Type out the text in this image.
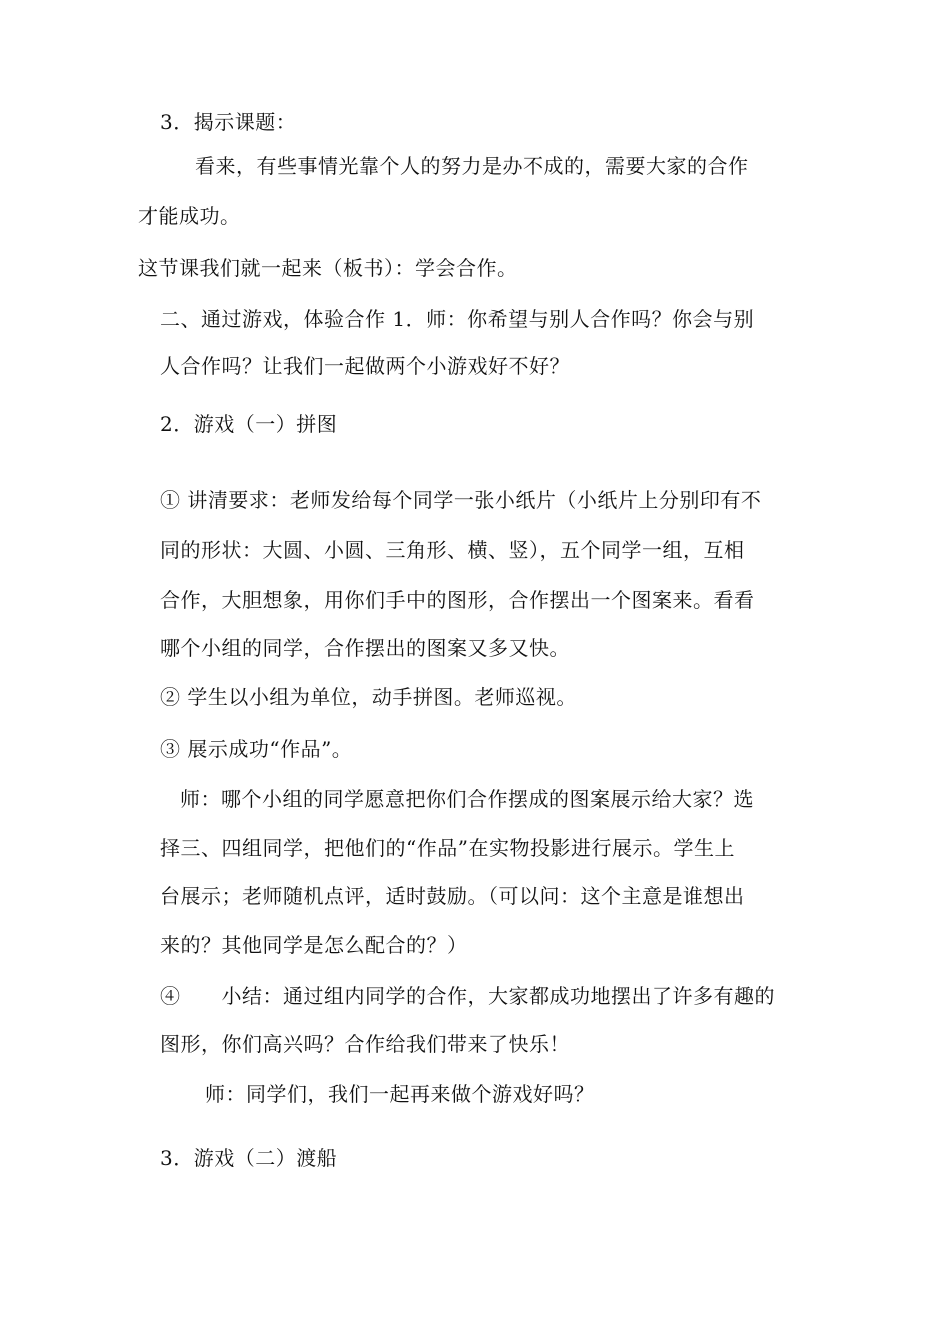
3．揭示课题：
看来，有些事情光靠个人的努力是办不成的，需要大家的合作
才能成功。
这节课我们就一起来（板书）：学会合作。
二、通过游戏，体验合作 1．师：你希望与别人合作吗？你会与别
人合作吗？让我们一起做两个小游戏好不好？
2．游戏（一）拼图
① 讲清要求：老师发给每个同学一张小纸片（小纸片上分别印有不
同的形状：大圆、小圆、三角形、横、竖），五个同学一组，互相
合作，大胆想象，用你们手中的图形，合作摆出一个图案来。看看
哪个小组的同学，合作摆出的图案又多又快。
② 学生以小组为单位，动手拼图。老师巡视。
③ 展示成功“作品”。
师：哪个小组的同学愿意把你们合作摆成的图案展示给大家？选
择三、四组同学，把他们的“作品”在实物投影进行展示。学生上
台展示；老师随机点评，适时鼓励。（可以问：这个主意是谁想出
来的？其他同学是怎么配合的？）
④　　小结：通过组内同学的合作，大家都成功地摆出了许多有趣的
图形，你们高兴吗？合作给我们带来了快乐！
师：同学们，我们一起再来做个游戏好吗？
3．游戏（二）渡船
